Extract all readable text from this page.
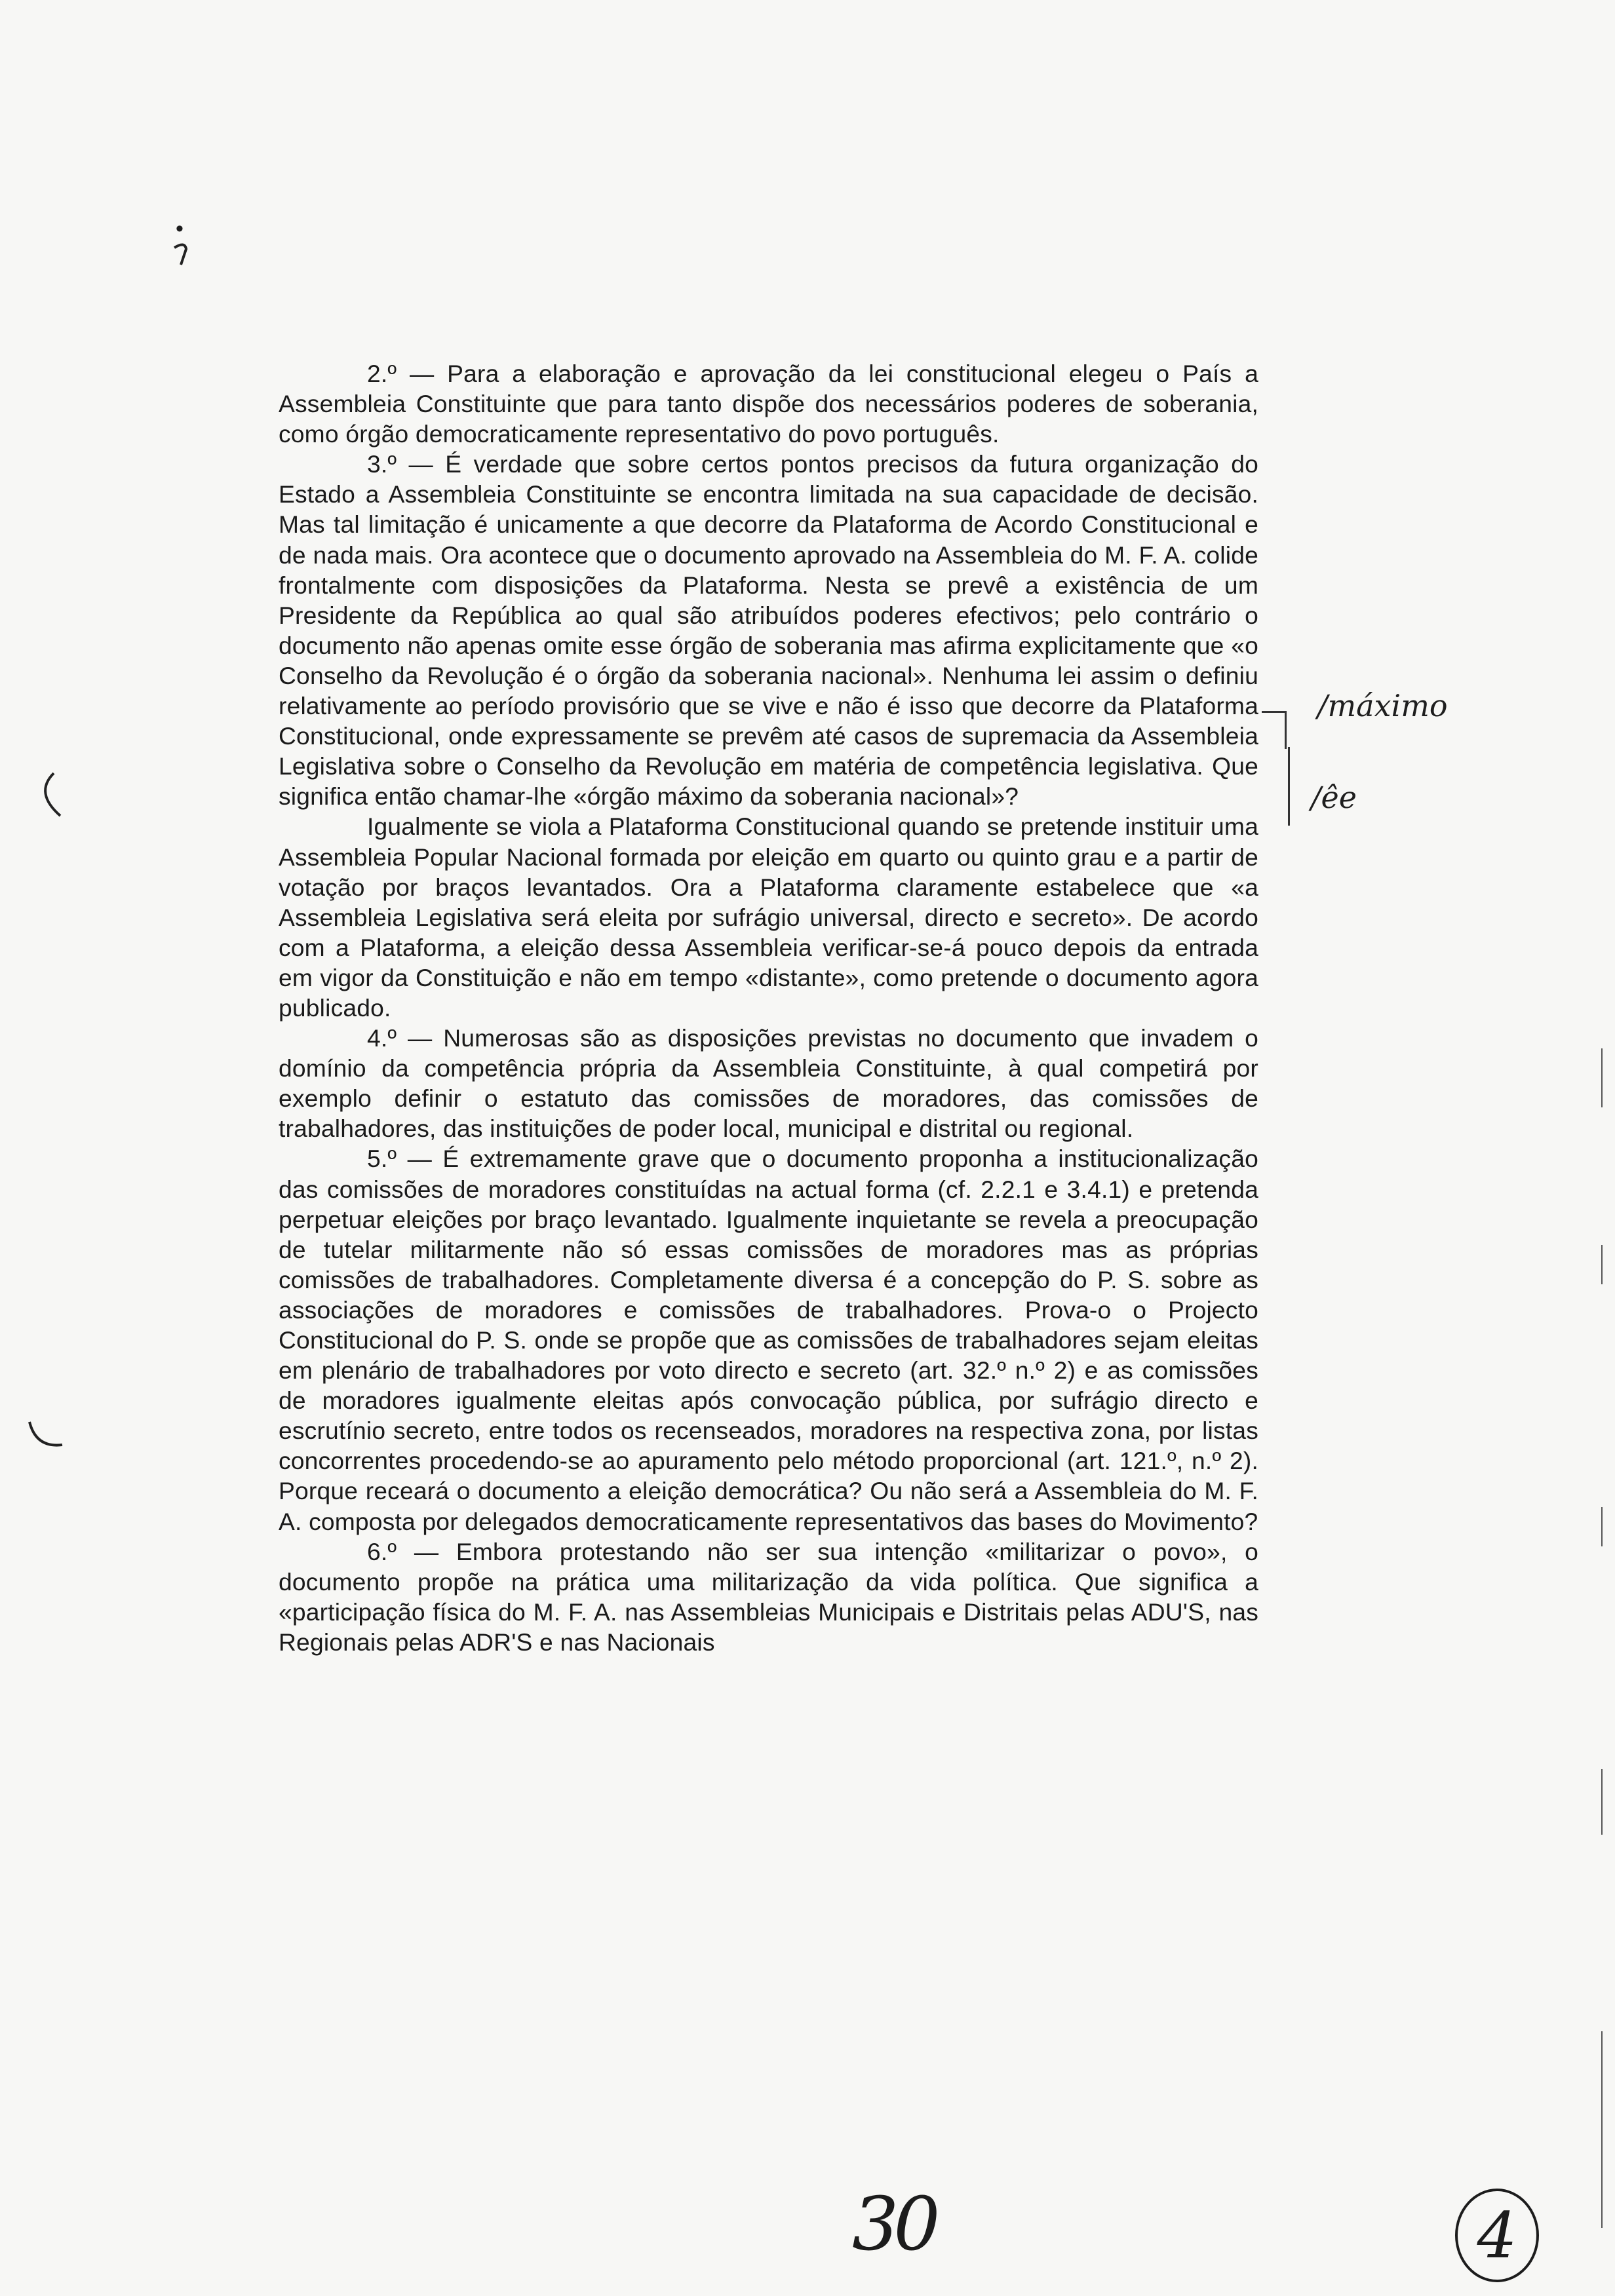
•

2.º — Para a elaboração e aprovação da lei constitucional elegeu o País a Assembleia Constituinte que para tanto dispõe dos necessários poderes de soberania, como órgão democraticamente representativo do povo português.

3.º — É verdade que sobre certos pontos precisos da futura organização do Estado a Assembleia Constituinte se encontra limitada na sua capacidade de decisão. Mas tal limitação é unicamente a que decorre da Plataforma de Acordo Constitucional e de nada mais. Ora acontece que o documento aprovado na Assembleia do M. F. A. colide frontalmente com disposições da Plataforma. Nesta se prevê a existência de um Presidente da República ao qual são atribuídos poderes efectivos; pelo contrário o documento não apenas omite esse órgão de soberania mas afirma explicitamente que «o Conselho da Revolução é o órgão da soberania nacional». Nenhuma lei assim o definiu relativamente ao período provisório que se vive e não é isso que decorre da Plataforma Constitucional, onde expressamente se prevêm até casos de supremacia da Assembleia Legislativa sobre o Conselho da Revolução em matéria de competência legislativa. Que significa então chamar-lhe «órgão máximo da soberania nacional»?

Igualmente se viola a Plataforma Constitucional quando se pretende instituir uma Assembleia Popular Nacional formada por eleição em quarto ou quinto grau e a partir de votação por braços levantados. Ora a Plataforma claramente estabelece que «a Assembleia Legislativa será eleita por sufrágio universal, directo e secreto». De acordo com a Plataforma, a eleição dessa Assembleia verificar-se-á pouco depois da entrada em vigor da Constituição e não em tempo «distante», como pretende o documento agora publicado.

4.º — Numerosas são as disposições previstas no documento que invadem o domínio da competência própria da Assembleia Constituinte, à qual competirá por exemplo definir o estatuto das comissões de moradores, das comissões de trabalhadores, das instituições de poder local, municipal e distrital ou regional.

5.º — É extremamente grave que o documento proponha a institucionalização das comissões de moradores constituídas na actual forma (cf. 2.2.1 e 3.4.1) e pretenda perpetuar eleições por braço levantado. Igualmente inquietante se revela a preocupação de tutelar militarmente não só essas comissões de moradores mas as próprias comissões de trabalhadores. Completamente diversa é a concepção do P. S. sobre as associações de moradores e comissões de trabalhadores. Prova-o o Projecto Constitucional do P. S. onde se propõe que as comissões de trabalhadores sejam eleitas em plenário de trabalhadores por voto directo e secreto (art. 32.º n.º 2) e as comissões de moradores igualmente eleitas após convocação pública, por sufrágio directo e escrutínio secreto, entre todos os recenseados, moradores na respectiva zona, por listas concorrentes procedendo-se ao apuramento pelo método proporcional (art. 121.º, n.º 2). Porque receará o documento a eleição democrática? Ou não será a Assembleia do M. F. A. composta por delegados democraticamente representativos das bases do Movimento?

6.º — Embora protestando não ser sua intenção «militarizar o povo», o documento propõe na prática uma militarização da vida política. Que significa a «participação física do M. F. A. nas Assembleias Municipais e Distritais pelas ADU'S, nas Regionais pelas ADR'S e nas Nacionais

/máximo
/êe
30	4
